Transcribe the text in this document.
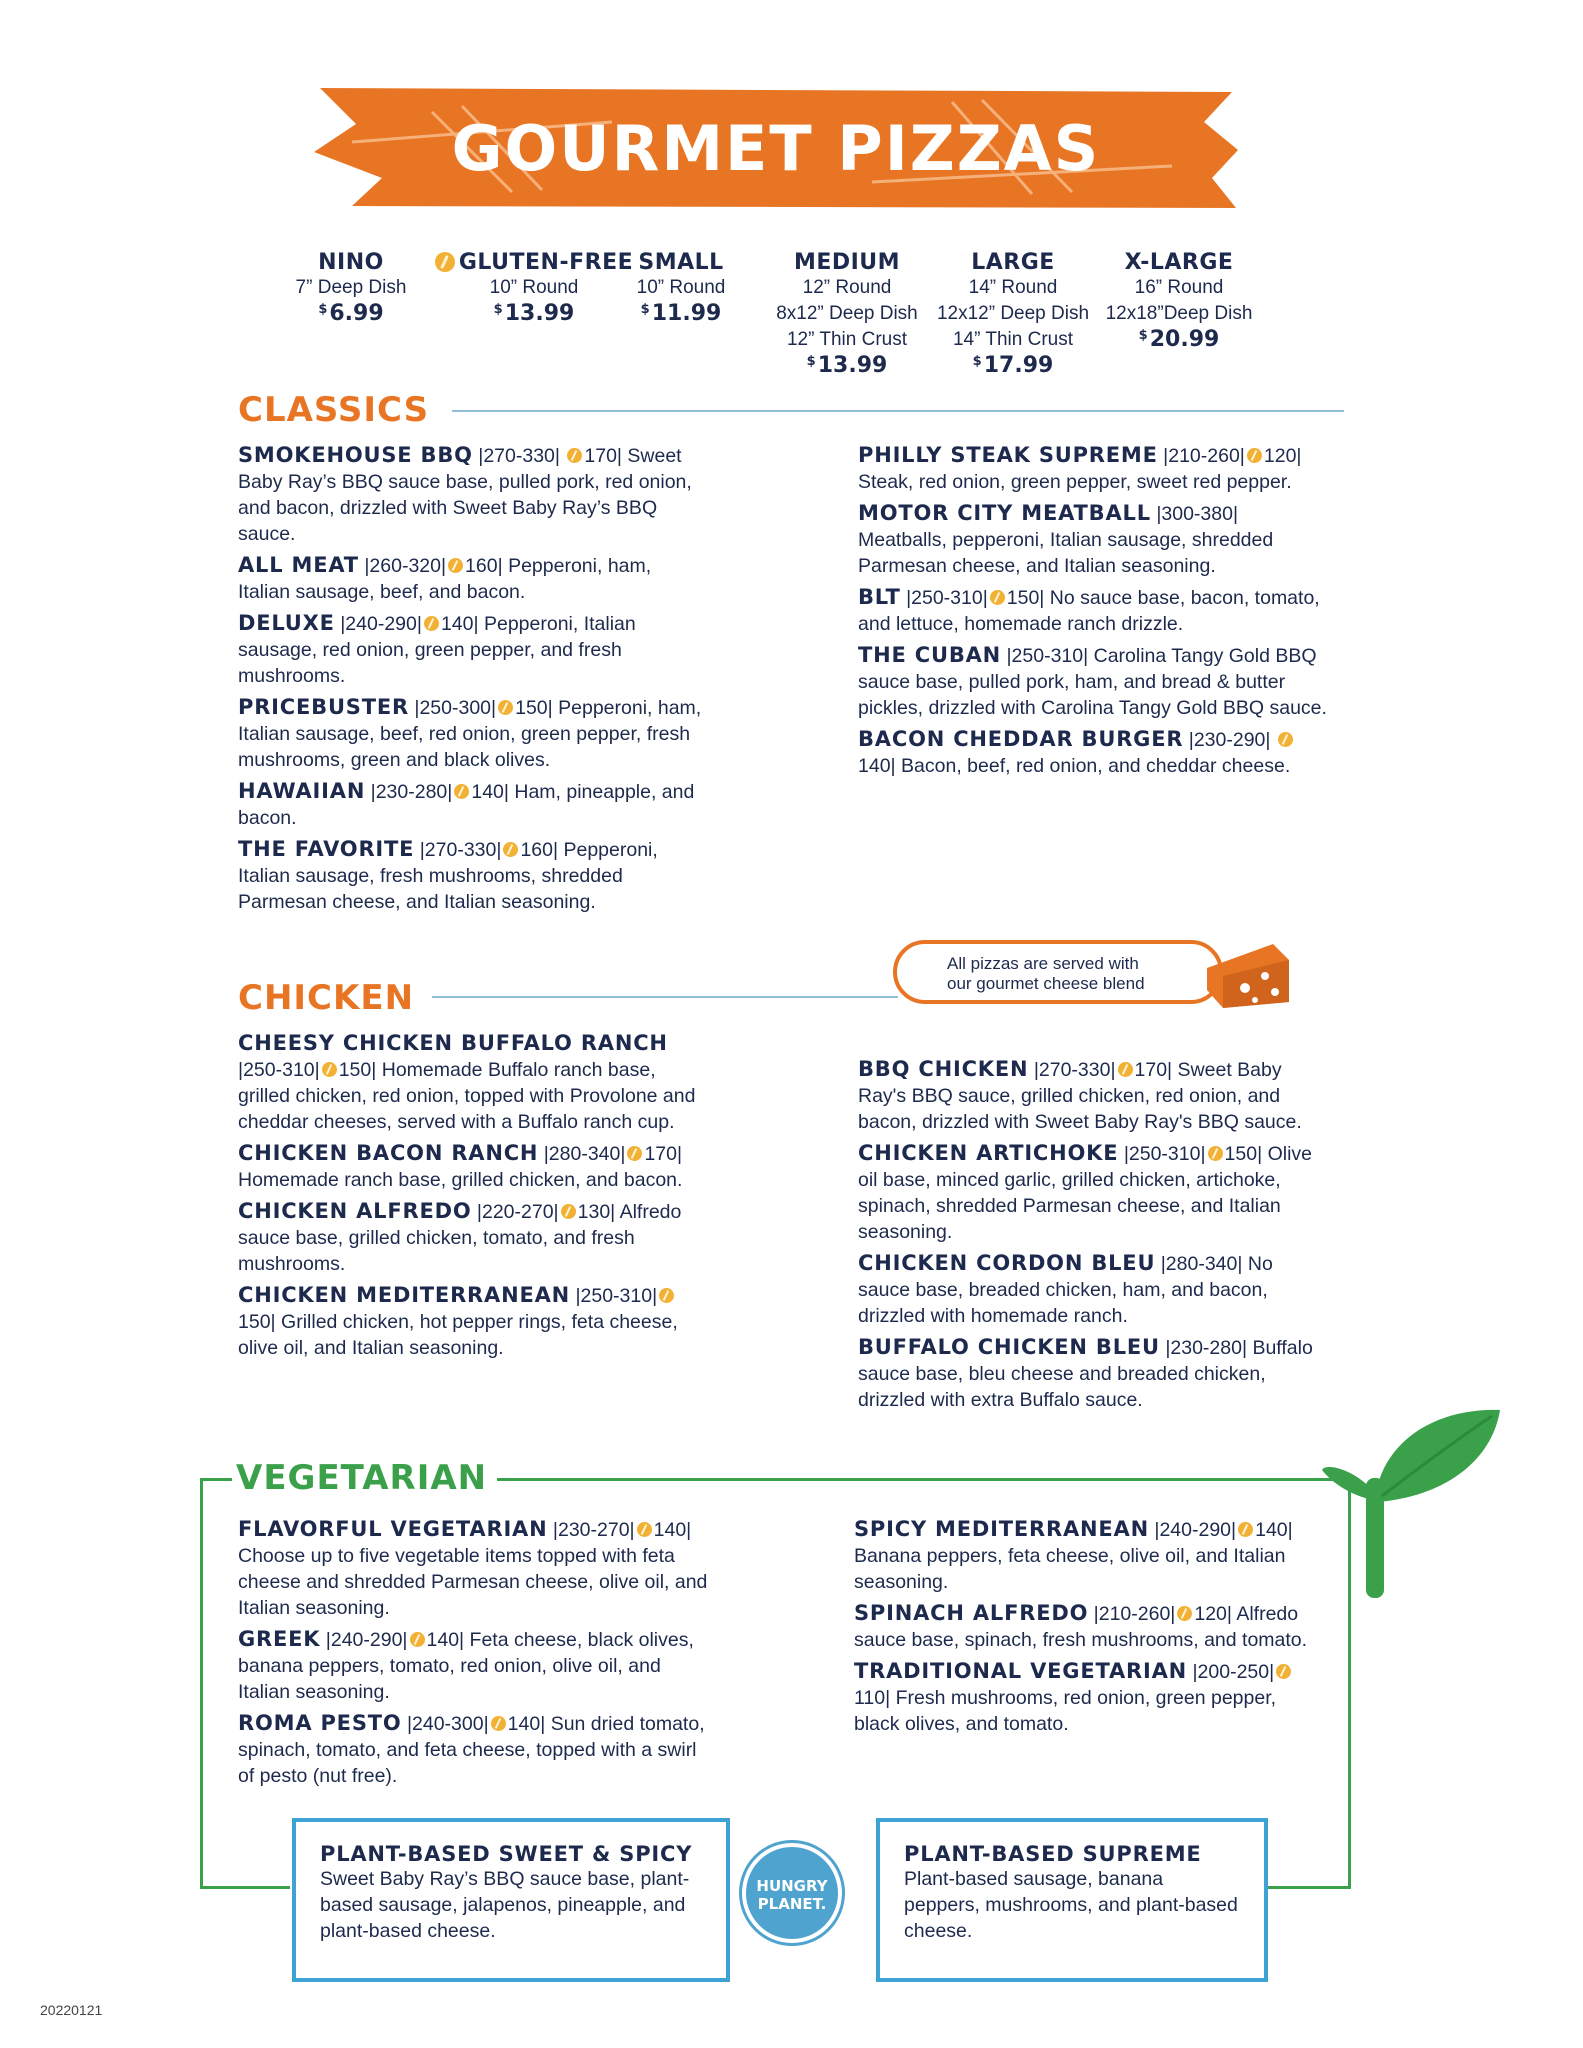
GOURMET PIZZAS
NINO
7” Deep Dish
$6.99
GLUTEN-FREE
10” Round
$13.99
SMALL
10” Round
$11.99
MEDIUM
12” Round
8x12” Deep Dish
12” Thin Crust
$13.99
LARGE
14” Round
12x12” Deep Dish
14” Thin Crust
$17.99
X-LARGE
16” Round
12x18”Deep Dish
$20.99
CLASSICS
SMOKEHOUSE BBQ |270-330| 170| Sweet Baby Ray’s BBQ sauce base, pulled pork, red onion, and bacon, drizzled with Sweet Baby Ray’s BBQ sauce.
ALL MEAT |260-320| 160| Pepperoni, ham, Italian sausage, beef, and bacon.
DELUXE |240-290| 140| Pepperoni, Italian sausage, red onion, green pepper, and fresh mushrooms.
PRICEBUSTER |250-300| 150| Pepperoni, ham, Italian sausage, beef, red onion, green pepper, fresh mushrooms, green and black olives.
HAWAIIAN |230-280| 140| Ham, pineapple, and bacon.
THE FAVORITE |270-330| 160| Pepperoni, Italian sausage, fresh mushrooms, shredded Parmesan cheese, and Italian seasoning.
PHILLY STEAK SUPREME |210-260| 120| Steak, red onion, green pepper, sweet red pepper.
MOTOR CITY MEATBALL |300-380| Meatballs, pepperoni, Italian sausage, shredded Parmesan cheese, and Italian seasoning.
BLT |250-310| 150| No sauce base, bacon, tomato, and lettuce, homemade ranch drizzle.
THE CUBAN |250-310| Carolina Tangy Gold BBQ sauce base, pulled pork, ham, and bread & butter pickles, drizzled with Carolina Tangy Gold BBQ sauce.
BACON CHEDDAR BURGER |230-290| 140| Bacon, beef, red onion, and cheddar cheese.
CHICKEN
All pizzas are served with
our gourmet cheese blend
CHEESY CHICKEN BUFFALO RANCH |250-310| 150| Homemade Buffalo ranch base, grilled chicken, red onion, topped with Provolone and cheddar cheeses, served with a Buffalo ranch cup.
CHICKEN BACON RANCH |280-340| 170| Homemade ranch base, grilled chicken, and bacon.
CHICKEN ALFREDO |220-270| 130| Alfredo sauce base, grilled chicken, tomato, and fresh mushrooms.
CHICKEN MEDITERRANEAN |250-310|150| Grilled chicken, hot pepper rings, feta cheese, olive oil, and Italian seasoning.
BBQ CHICKEN |270-330| 170| Sweet Baby Ray's BBQ sauce, grilled chicken, red onion, and bacon, drizzled with Sweet Baby Ray's BBQ sauce.
CHICKEN ARTICHOKE |250-310| 150| Olive oil base, minced garlic, grilled chicken, artichoke, spinach, shredded Parmesan cheese, and Italian seasoning.
CHICKEN CORDON BLEU |280-340| No sauce base, breaded chicken, ham, and bacon, drizzled with homemade ranch.
BUFFALO CHICKEN BLEU |230-280| Buffalo sauce base, bleu cheese and breaded chicken, drizzled with extra Buffalo sauce.
VEGETARIAN
FLAVORFUL VEGETARIAN |230-270| 140| Choose up to five vegetable items topped with feta cheese and shredded Parmesan cheese, olive oil, and Italian seasoning.
GREEK |240-290| 140| Feta cheese, black olives, banana peppers, tomato, red onion, olive oil, and Italian seasoning.
ROMA PESTO |240-300| 140| Sun dried tomato, spinach, tomato, and feta cheese, topped with a swirl of pesto (nut free).
SPICY MEDITERRANEAN |240-290| 140| Banana peppers, feta cheese, olive oil, and Italian seasoning.
SPINACH ALFREDO |210-260| 120| Alfredo sauce base, spinach, fresh mushrooms, and tomato.
TRADITIONAL VEGETARIAN |200-250|110| Fresh mushrooms, red onion, green pepper, black olives, and tomato.
PLANT-BASED SWEET & SPICY
Sweet Baby Ray’s BBQ sauce base, plant-based sausage, jalapenos, pineapple, and plant-based cheese.
PLANT-BASED SUPREME
Plant-based sausage, banana peppers, mushrooms, and plant-based cheese.
HUNGRY
PLANET.
20220121
